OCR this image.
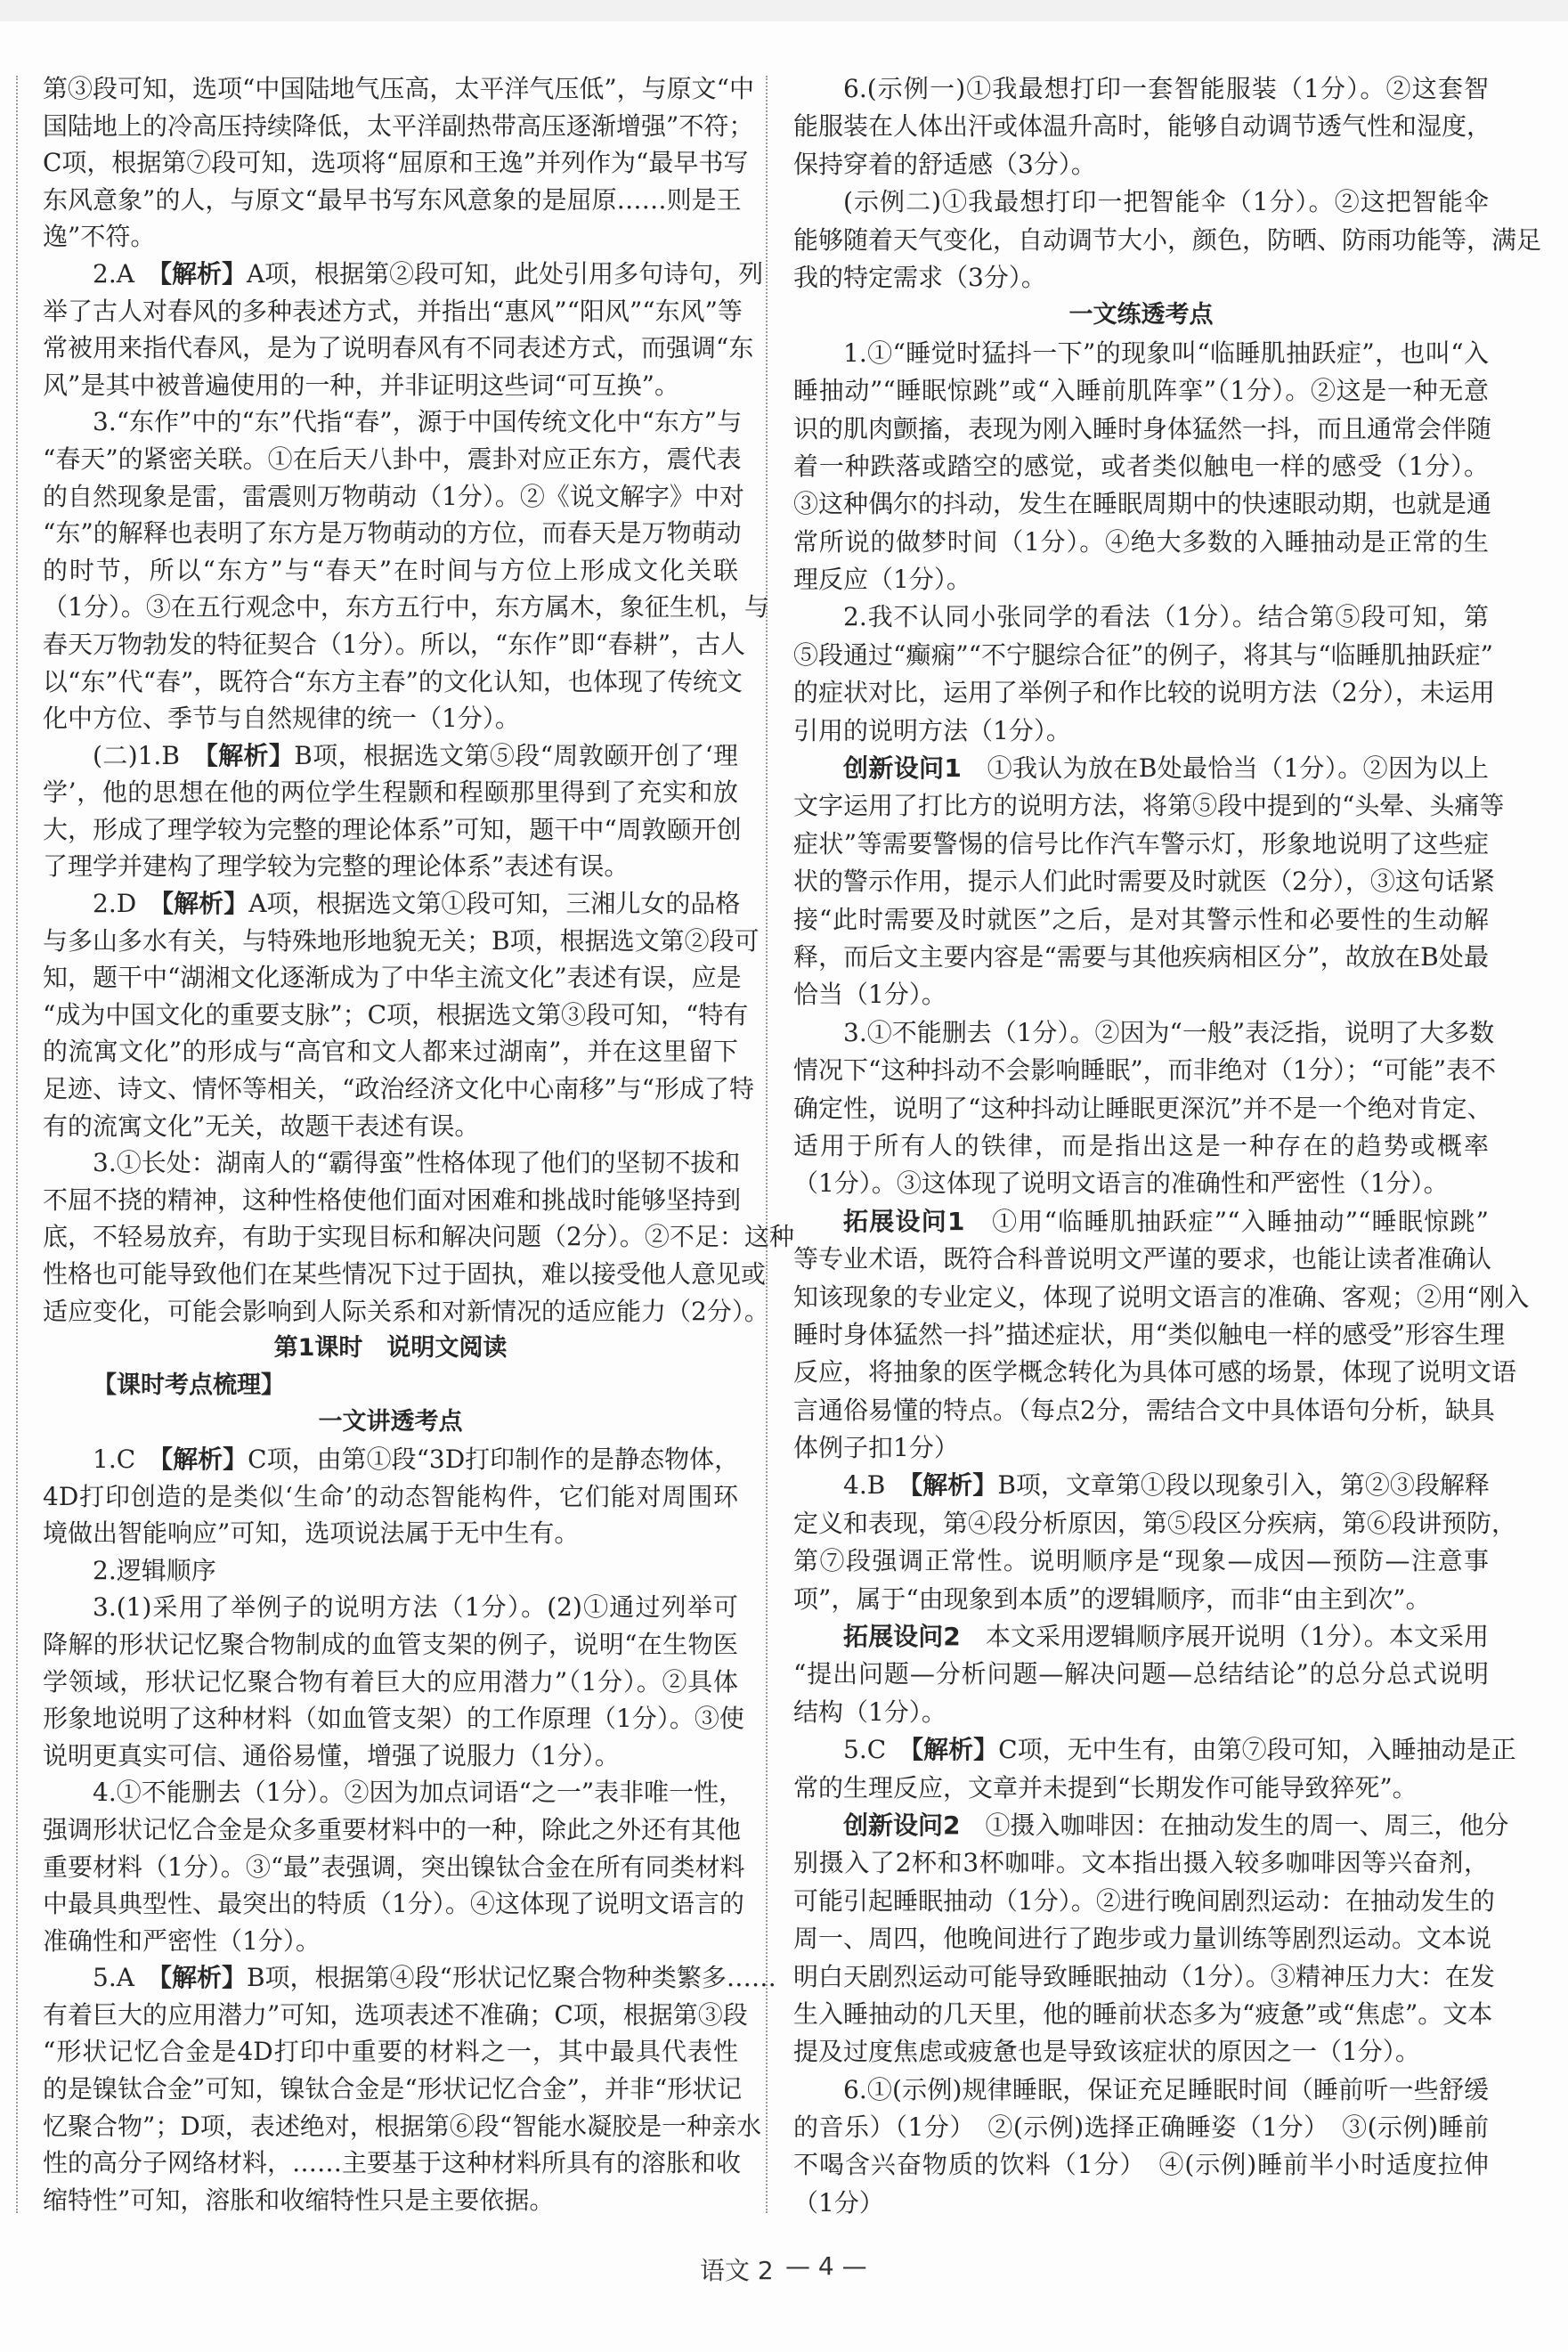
第③段可知，选项“中国陆地气压高，太平洋气压低”，与原文“中
国陆地上的冷高压持续降低，太平洋副热带高压逐渐增强”不符；
C项，根据第⑦段可知，选项将“屈原和王逸”并列作为“最早书写
东风意象”的人，与原文“最早书写东风意象的是屈原……则是王
逸”不符。
2.A　【解析】A项，根据第②段可知，此处引用多句诗句，列
举了古人对春风的多种表述方式，并指出“惠风”“阳风”“东风”等
常被用来指代春风，是为了说明春风有不同表述方式，而强调“东
风”是其中被普遍使用的一种，并非证明这些词“可互换”。
3.“东作”中的“东”代指“春”，源于中国传统文化中“东方”与
“春天”的紧密关联。①在后天八卦中，震卦对应正东方，震代表
的自然现象是雷，雷震则万物萌动（1分）。②《说文解字》中对
“东”的解释也表明了东方是万物萌动的方位，而春天是万物萌动
的时节，所以“东方”与“春天”在时间与方位上形成文化关联
（1分）。③在五行观念中，东方五行中，东方属木，象征生机，与
春天万物勃发的特征契合（1分）。所以，“东作”即“春耕”，古人
以“东”代“春”，既符合“东方主春”的文化认知，也体现了传统文
化中方位、季节与自然规律的统一（1分）。
(二)1.B　【解析】B项，根据选文第⑤段“周敦颐开创了‘理
学’，他的思想在他的两位学生程颢和程颐那里得到了充实和放
大，形成了理学较为完整的理论体系”可知，题干中“周敦颐开创
了理学并建构了理学较为完整的理论体系”表述有误。
2.D　【解析】A项，根据选文第①段可知，三湘儿女的品格
与多山多水有关，与特殊地形地貌无关；B项，根据选文第②段可
知，题干中“湖湘文化逐渐成为了中华主流文化”表述有误，应是
“成为中国文化的重要支脉”；C项，根据选文第③段可知，“特有
的流寓文化”的形成与“高官和文人都来过湖南”，并在这里留下
足迹、诗文、情怀等相关，“政治经济文化中心南移”与“形成了特
有的流寓文化”无关，故题干表述有误。
3.①长处：湖南人的“霸得蛮”性格体现了他们的坚韧不拔和
不屈不挠的精神，这种性格使他们面对困难和挑战时能够坚持到
底，不轻易放弃，有助于实现目标和解决问题（2分）。②不足：这种
性格也可能导致他们在某些情况下过于固执，难以接受他人意见或
适应变化，可能会影响到人际关系和对新情况的适应能力（2分）。
第1课时　说明文阅读
【课时考点梳理】
一文讲透考点
1.C　【解析】C项，由第①段“3D打印制作的是静态物体，
4D打印创造的是类似‘生命’的动态智能构件，它们能对周围环
境做出智能响应”可知，选项说法属于无中生有。
2.逻辑顺序
3.(1)采用了举例子的说明方法（1分）。(2)①通过列举可
降解的形状记忆聚合物制成的血管支架的例子，说明“在生物医
学领域，形状记忆聚合物有着巨大的应用潜力”（1分）。②具体
形象地说明了这种材料（如血管支架）的工作原理（1分）。③使
说明更真实可信、通俗易懂，增强了说服力（1分）。
4.①不能删去（1分）。②因为加点词语“之一”表非唯一性，
强调形状记忆合金是众多重要材料中的一种，除此之外还有其他
重要材料（1分）。③“最”表强调，突出镍钛合金在所有同类材料
中最具典型性、最突出的特质（1分）。④这体现了说明文语言的
准确性和严密性（1分）。
5.A　【解析】B项，根据第④段“形状记忆聚合物种类繁多……
有着巨大的应用潜力”可知，选项表述不准确；C项，根据第③段
“形状记忆合金是4D打印中重要的材料之一，其中最具代表性
的是镍钛合金”可知，镍钛合金是“形状记忆合金”，并非“形状记
忆聚合物”；D项，表述绝对，根据第⑥段“智能水凝胶是一种亲水
性的高分子网络材料，……主要基于这种材料所具有的溶胀和收
缩特性”可知，溶胀和收缩特性只是主要依据。
6.(示例一)①我最想打印一套智能服装（1分）。②这套智
能服装在人体出汗或体温升高时，能够自动调节透气性和湿度，
保持穿着的舒适感（3分）。
(示例二)①我最想打印一把智能伞（1分）。②这把智能伞
能够随着天气变化，自动调节大小，颜色，防晒、防雨功能等，满足
我的特定需求（3分）。
一文练透考点
1.①“睡觉时猛抖一下”的现象叫“临睡肌抽跃症”，也叫“入
睡抽动”“睡眠惊跳”或“入睡前肌阵挛”（1分）。②这是一种无意
识的肌肉颤搐，表现为刚入睡时身体猛然一抖，而且通常会伴随
着一种跌落或踏空的感觉，或者类似触电一样的感受（1分）。
③这种偶尔的抖动，发生在睡眠周期中的快速眼动期，也就是通
常所说的做梦时间（1分）。④绝大多数的入睡抽动是正常的生
理反应（1分）。
2.我不认同小张同学的看法（1分）。结合第⑤段可知，第
⑤段通过“癫痫”“不宁腿综合征”的例子，将其与“临睡肌抽跃症”
的症状对比，运用了举例子和作比较的说明方法（2分），未运用
引用的说明方法（1分）。
创新设问1　①我认为放在B处最恰当（1分）。②因为以上
文字运用了打比方的说明方法，将第⑤段中提到的“头晕、头痛等
症状”等需要警惕的信号比作汽车警示灯，形象地说明了这些症
状的警示作用，提示人们此时需要及时就医（2分），③这句话紧
接“此时需要及时就医”之后，是对其警示性和必要性的生动解
释，而后文主要内容是“需要与其他疾病相区分”，故放在B处最
恰当（1分）。
3.①不能删去（1分）。②因为“一般”表泛指，说明了大多数
情况下“这种抖动不会影响睡眠”，而非绝对（1分）；“可能”表不
确定性，说明了“这种抖动让睡眠更深沉”并不是一个绝对肯定、
适用于所有人的铁律，而是指出这是一种存在的趋势或概率
（1分）。③这体现了说明文语言的准确性和严密性（1分）。
拓展设问1　①用“临睡肌抽跃症”“入睡抽动”“睡眠惊跳”
等专业术语，既符合科普说明文严谨的要求，也能让读者准确认
知该现象的专业定义，体现了说明文语言的准确、客观；②用“刚入
睡时身体猛然一抖”描述症状，用“类似触电一样的感受”形容生理
反应，将抽象的医学概念转化为具体可感的场景，体现了说明文语
言通俗易懂的特点。（每点2分，需结合文中具体语句分析，缺具
体例子扣1分）
4.B　【解析】B项，文章第①段以现象引入，第②③段解释
定义和表现，第④段分析原因，第⑤段区分疾病，第⑥段讲预防，
第⑦段强调正常性。说明顺序是“现象—成因—预防—注意事
项”，属于“由现象到本质”的逻辑顺序，而非“由主到次”。
拓展设问2　本文采用逻辑顺序展开说明（1分）。本文采用
“提出问题—分析问题—解决问题—总结结论”的总分总式说明
结构（1分）。
5.C　【解析】C项，无中生有，由第⑦段可知，入睡抽动是正
常的生理反应，文章并未提到“长期发作可能导致猝死”。
创新设问2　①摄入咖啡因：在抽动发生的周一、周三，他分
别摄入了2杯和3杯咖啡。文本指出摄入较多咖啡因等兴奋剂，
可能引起睡眠抽动（1分）。②进行晚间剧烈运动：在抽动发生的
周一、周四，他晚间进行了跑步或力量训练等剧烈运动。文本说
明白天剧烈运动可能导致睡眠抽动（1分）。③精神压力大：在发
生入睡抽动的几天里，他的睡前状态多为“疲惫”或“焦虑”。文本
提及过度焦虑或疲惫也是导致该症状的原因之一（1分）。
6.①(示例)规律睡眠，保证充足睡眠时间（睡前听一些舒缓
的音乐）（1分）　②(示例)选择正确睡姿（1分）　③(示例)睡前
不喝含兴奋物质的饮料（1分）　④(示例)睡前半小时适度拉伸
（1分）
语文 2 — 4 —
